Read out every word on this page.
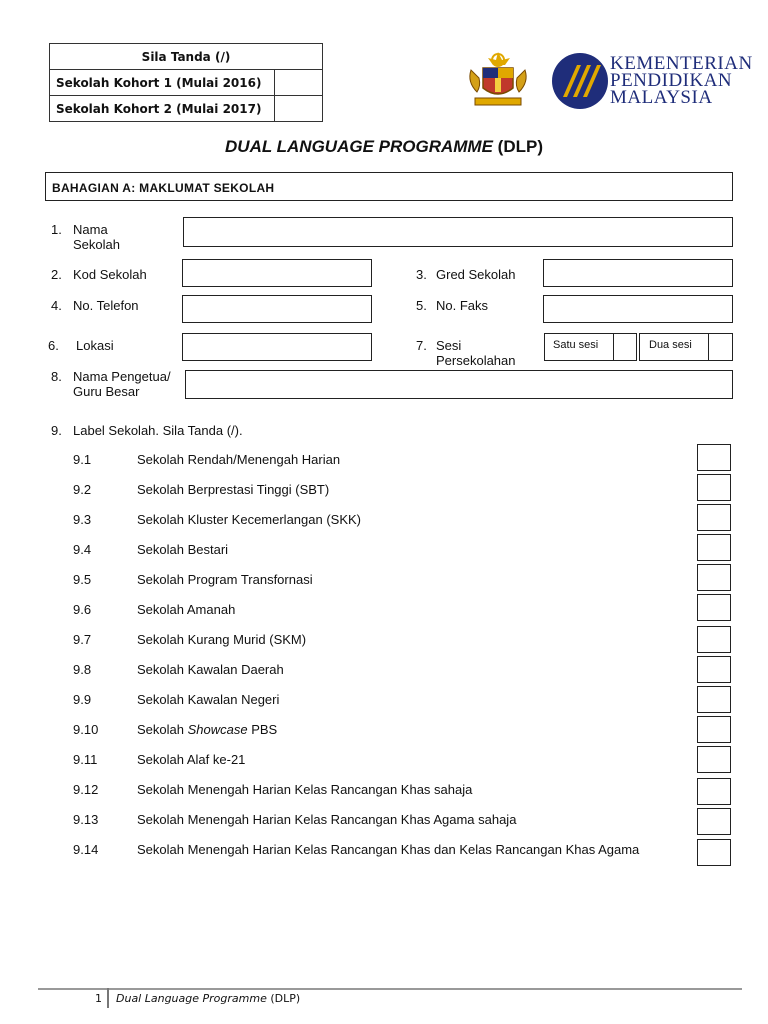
Sila Tanda (/)	
Sekolah Kohort 1 (Mulai 2016)	
Sekolah Kohort 2 (Mulai 2017)	
KEMENTERIAN
PENDIDIKAN
MALAYSIA
DUAL LANGUAGE PROGRAMME (DLP)
BAHAGIAN A: MAKLUMAT SEKOLAH
1. Nama
Sekolah
2. Kod Sekolah	3. Gred Sekolah
4. No. Telefon	5. No. Faks
6. Lokasi	7. Sesi
Persekolahan
Satu sesi	Dua sesi
8. Nama Pengetua/
Guru Besar
9. Label Sekolah. Sila Tanda (/).
9.1	Sekolah Rendah/Menengah Harian
9.2	Sekolah Berprestasi Tinggi (SBT)
9.3	Sekolah Kluster Kecemerlangan (SKK)
9.4	Sekolah Bestari
9.5	Sekolah Program Transfornasi
9.6	Sekolah Amanah
9.7	Sekolah Kurang Murid (SKM)
9.8	Sekolah Kawalan Daerah
9.9	Sekolah Kawalan Negeri
9.10	Sekolah Showcase PBS
9.11	Sekolah Alaf ke-21
9.12	Sekolah Menengah Harian Kelas Rancangan Khas sahaja
9.13	Sekolah Menengah Harian Kelas Rancangan Khas Agama sahaja
9.14	Sekolah Menengah Harian Kelas Rancangan Khas dan Kelas Rancangan Khas Agama
1 Dual Language Programme (DLP)
